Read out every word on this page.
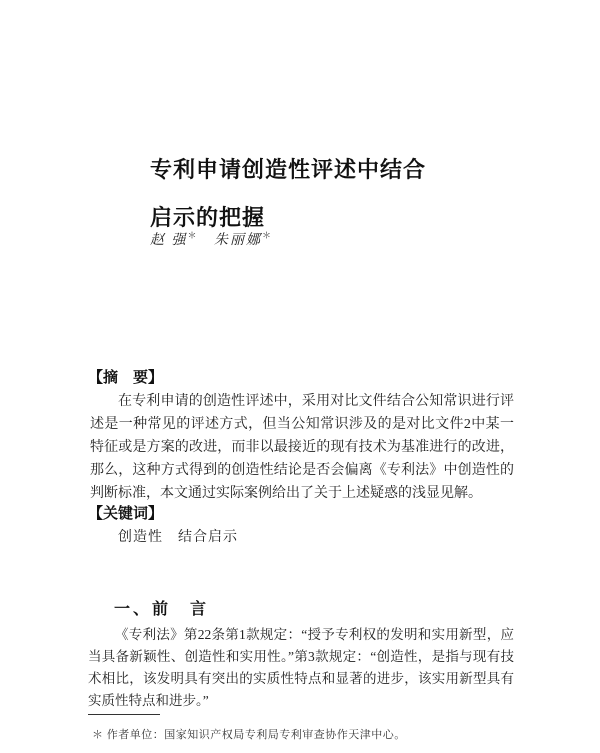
专利申请创造性评述中结合
启示的把握
赵 强＊ 朱丽娜＊
【摘　要】
在专利申请的创造性评述中，采用对比文件结合公知常识进行评述是一种常见的评述方式，但当公知常识涉及的是对比文件2中某一特征或是方案的改进，而非以最接近的现有技术为基准进行的改进，那么，这种方式得到的创造性结论是否会偏离《专利法》中创造性的判断标准，本文通过实际案例给出了关于上述疑惑的浅显见解。
【关键词】
创造性　结合启示
一、前　言
《专利法》第22条第1款规定：“授予专利权的发明和实用新型，应当具备新颖性、创造性和实用性。”第3款规定：“创造性，是指与现有技术相比，该发明具有突出的实质性特点和显著的进步，该实用新型具有实质性特点和进步。”
＊ 作者单位：国家知识产权局专利局专利审查协作天津中心。
